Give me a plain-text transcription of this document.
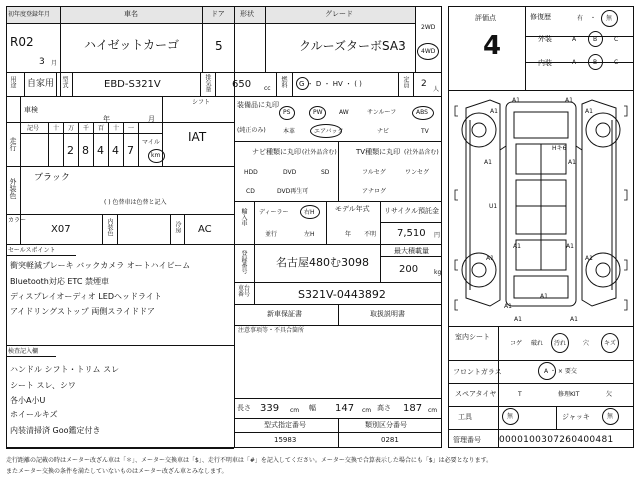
初年度登録年月	車名	ドア 形状	グレード
2WD
4WD
R02
3 月
ハイゼットカーゴ	5	クルーズターボSA3
用途 自家用 型式	EBD-S321V	排気量 650 cc
燃料 G ・ D ・ HV ・ ( )	定員 2
人
車検
年	月
シフト
IAT
走行
記号 十 万 千 百 十 一
2 8 4 4 7
マイル
km
外装色 ブラック
( ) 色替車は色替と記入
カラー
X07	内装色	冷房 AC
セールスポイント
衝突軽減ブレーキ バックカメラ オートハイビーム
Bluetooth対応 ETC 禁煙車
ディスプレイオーディオ LEDヘッドライト
アイドリングストップ 両側スライドドア
検査記入欄
ハンドル シフト・トリム スレ
シート スレ、シワ
各小A小U
ホイールキズ
内装清掃済 Goo鑑定付き
装備品に丸印
(純正のみ)
PS	PW	AW	サンルーフ	ABS
本革	エアバック	ナビ	TV
ナビ種類に丸印 (社外品含む)
HDD	DVD	SD
CD	DVD再生可
TV種類に丸印 (社外品含む)
フルセグ	ワンセグ
アナログ
輸入車 ディーラー	右H
並行	左H
モデル年式
年 不明
リサイクル預託金
7,510 円
登録番号	名古屋480む3098
最大積載量
200	kg
車台番号	S321V-0443892
新車保証書	取扱説明書
注意事項等・不具合箇所
長さ 339 cm 幅 147 cm 高さ 187 cm
型式指定番号
15983
類別区分番号
0281
評価点
4
修復歴	有 ・ 無
外装	A	B	C
内装	A	B	C
A1	A1
A1	A1
A1	A1
U1
A1	A1
A1	A1
A1
A1
A1	A1
Hキ6
室内シート
コゲ 破れ 汚れ	穴 キズ
フロントガラス	A ・ × 要交
スペアタイヤ	T	修理KIT	欠
工具	無	ジャッキ	無
管理番号 0000100307260400481
走行距離の記載の時はメーター改ざん車は「＊」、メーター交換車は「$」、走行不明車は「#」を記入してください。メーター交換で合算表示した場合にも「$」は必要となります。
またメーター交換の条件を満たしていないものはメーター改ざん車とみなします。
